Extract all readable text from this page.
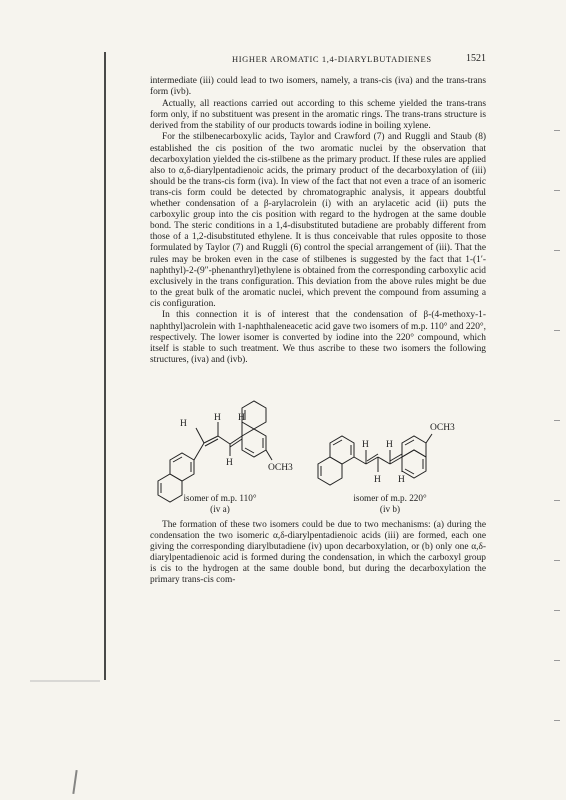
HIGHER AROMATIC 1,4-DIARYLBUTADIENES	1521

intermediate (iii) could lead to two isomers, namely, a trans-cis (iva) and the trans-trans form (ivb).

Actually, all reactions carried out according to this scheme yielded the trans-trans form only, if no substituent was present in the aromatic rings. The trans-trans structure is derived from the stability of our products towards iodine in boiling xylene.

For the stilbenecarboxylic acids, Taylor and Crawford (7) and Ruggli and Staub (8) established the cis position of the two aromatic nuclei by the observation that decarboxylation yielded the cis-stilbene as the primary product. If these rules are applied also to α,δ-diarylpentadienoic acids, the primary product of the decarboxylation of (iii) should be the trans-cis form (iva). In view of the fact that not even a trace of an isomeric trans-cis form could be detected by chromatographic analysis, it appears doubtful whether condensation of a β-arylacrolein (i) with an arylacetic acid (ii) puts the carboxylic group into the cis position with regard to the hydrogen at the same double bond. The steric conditions in a 1,4-disubstituted butadiene are probably different from those of a 1,2-disubstituted ethylene. It is thus conceivable that rules opposite to those formulated by Taylor (7) and Ruggli (6) control the special arrangement of (iii). That the rules may be broken even in the case of stilbenes is suggested by the fact that 1-(1′-naphthyl)-2-(9″-phenanthryl)ethylene is obtained from the corresponding carboxylic acid exclusively in the trans configuration. This deviation from the above rules might be due to the great bulk of the aromatic nuclei, which prevent the compound from assuming a cis configuration.

In this connection it is of interest that the condensation of β-(4-methoxy-1-naphthyl)acrolein with 1-naphthaleneacetic acid gave two isomers of m.p. 110° and 220°, respectively. The lower isomer is converted by iodine into the 220° compound, which itself is stable to such treatment. We thus ascribe to these two isomers the following structures, (iva) and (ivb).

H
H H
H	OCH3
H H
H H
OCH3
isomer of m.p. 110°
(iv a)
isomer of m.p. 220°
(iv b)

The formation of these two isomers could be due to two mechanisms: (a) during the condensation the two isomeric α,δ-diarylpentadienoic acids (iii) are formed, each one giving the corresponding diarylbutadiene (iv) upon decarboxylation, or (b) only one α,δ-diarylpentadienoic acid is formed during the condensation, in which the carboxyl group is cis to the hydrogen at the same double bond, but during the decarboxylation the primary trans-cis com-
